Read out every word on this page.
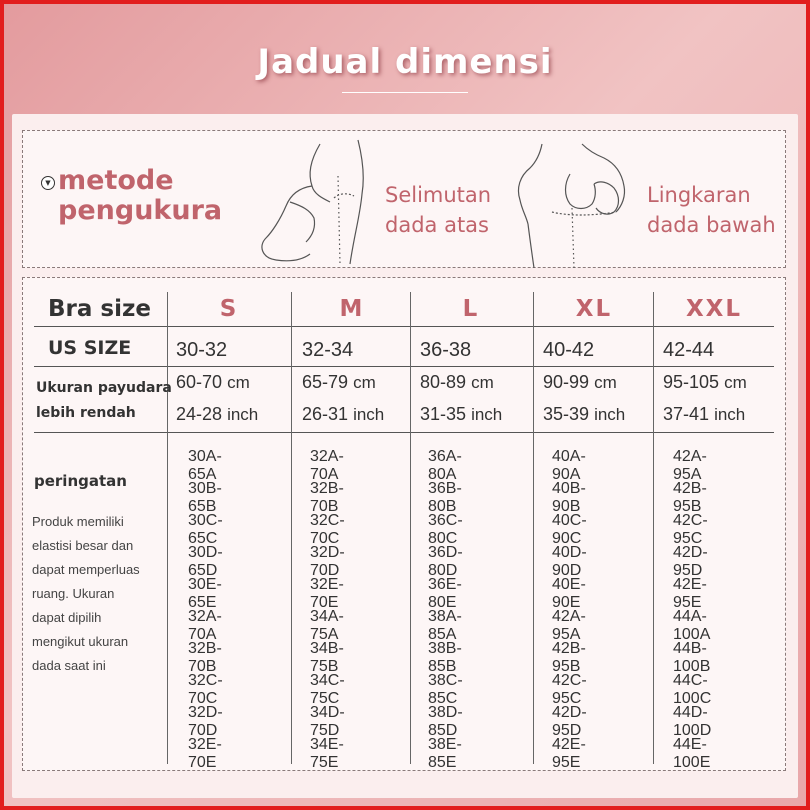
Jadual dimensi
▼ metode
pengukura	Selimutan
dada atas
Lingkaran
dada bawah
Bra size
US SIZE
Ukuran payudara
lebih rendah
peringatan
Produk memiliki
elastisi besar dan
dapat memperluas
ruang. Ukuran
dapat dipilih
mengikut ukuran
dada saat ini
S
30-32
60-70 cm
24-28 inch
30A-65A
30B-65B
30C-65C
30D-65D
30E-65E
32A-70A
32B-70B
32C-70C
32D-70D
32E-70E
M
32-34
65-79 cm
26-31 inch
32A-70A
32B-70B
32C-70C
32D-70D
32E-70E
34A-75A
34B-75B
34C-75C
34D-75D
34E-75E
L
36-38
80-89 cm
31-35 inch
36A-80A
36B-80B
36C-80C
36D-80D
36E-80E
38A-85A
38B-85B
38C-85C
38D-85D
38E-85E
XL
40-42
90-99 cm
35-39 inch
40A-90A
40B-90B
40C-90C
40D-90D
40E-90E
42A-95A
42B-95B
42C-95C
42D-95D
42E-95E
XXL
42-44
95-105 cm
37-41 inch
42A-95A
42B-95B
42C-95C
42D-95D
42E-95E
44A-100A
44B-100B
44C-100C
44D-100D
44E-100E
